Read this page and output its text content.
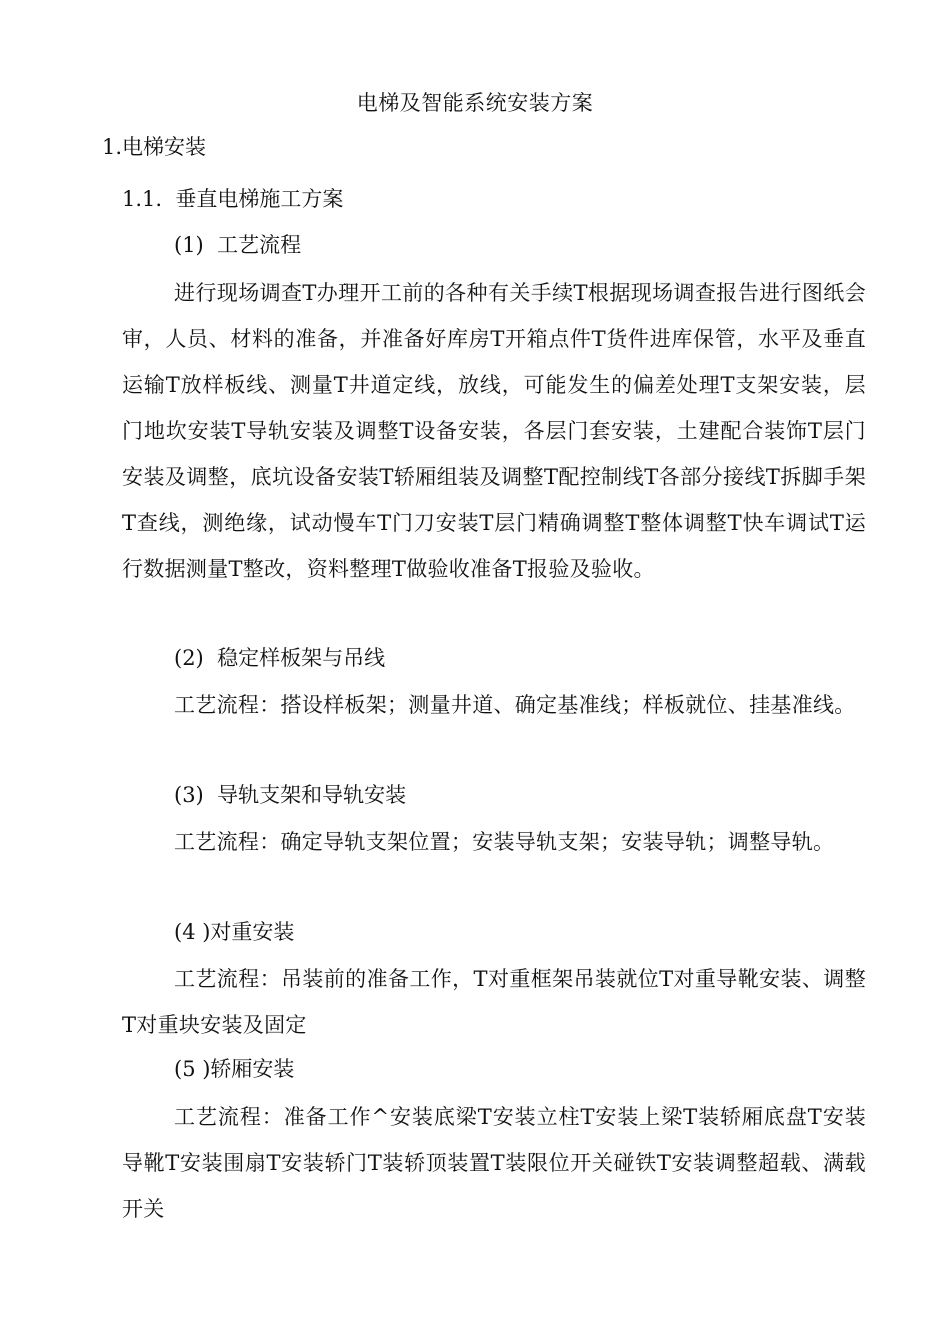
电梯及智能系统安装方案
1.电梯安装
1.1.  垂直电梯施工方案
(1)  工艺流程

进行现场调查T办理开工前的各种有关手续T根据现场调查报告进行图纸会审，人员、材料的准备，并准备好库房T开箱点件T货件进库保管，水平及垂直运输T放样板线、测量T井道定线，放线，可能发生的偏差处理T支架安装，层门地坎安装T导轨安装及调整T设备安装，各层门套安装，土建配合装饰T层门安装及调整，底坑设备安装T轿厢组装及调整T配控制线T各部分接线T拆脚手架T查线，测绝缘，试动慢车T门刀安装T层门精确调整T整体调整T快车调试T运行数据测量T整改，资料整理T做验收准备T报验及验收。

(2)  稳定样板架与吊线

工艺流程：搭设样板架；测量井道、确定基准线；样板就位、挂基准线。

(3)  导轨支架和导轨安装

工艺流程：确定导轨支架位置；安装导轨支架；安装导轨；调整导轨。

(4 )对重安装

工艺流程：吊装前的准备工作，T对重框架吊装就位T对重导靴安装、调整T对重块安装及固定

(5 )轿厢安装

工艺流程：准备工作^安装底梁T安装立柱T安装上梁T装轿厢底盘T安装导靴T安装围扇T安装轿门T装轿顶装置T装限位开关碰铁T安装调整超载、满载开关
